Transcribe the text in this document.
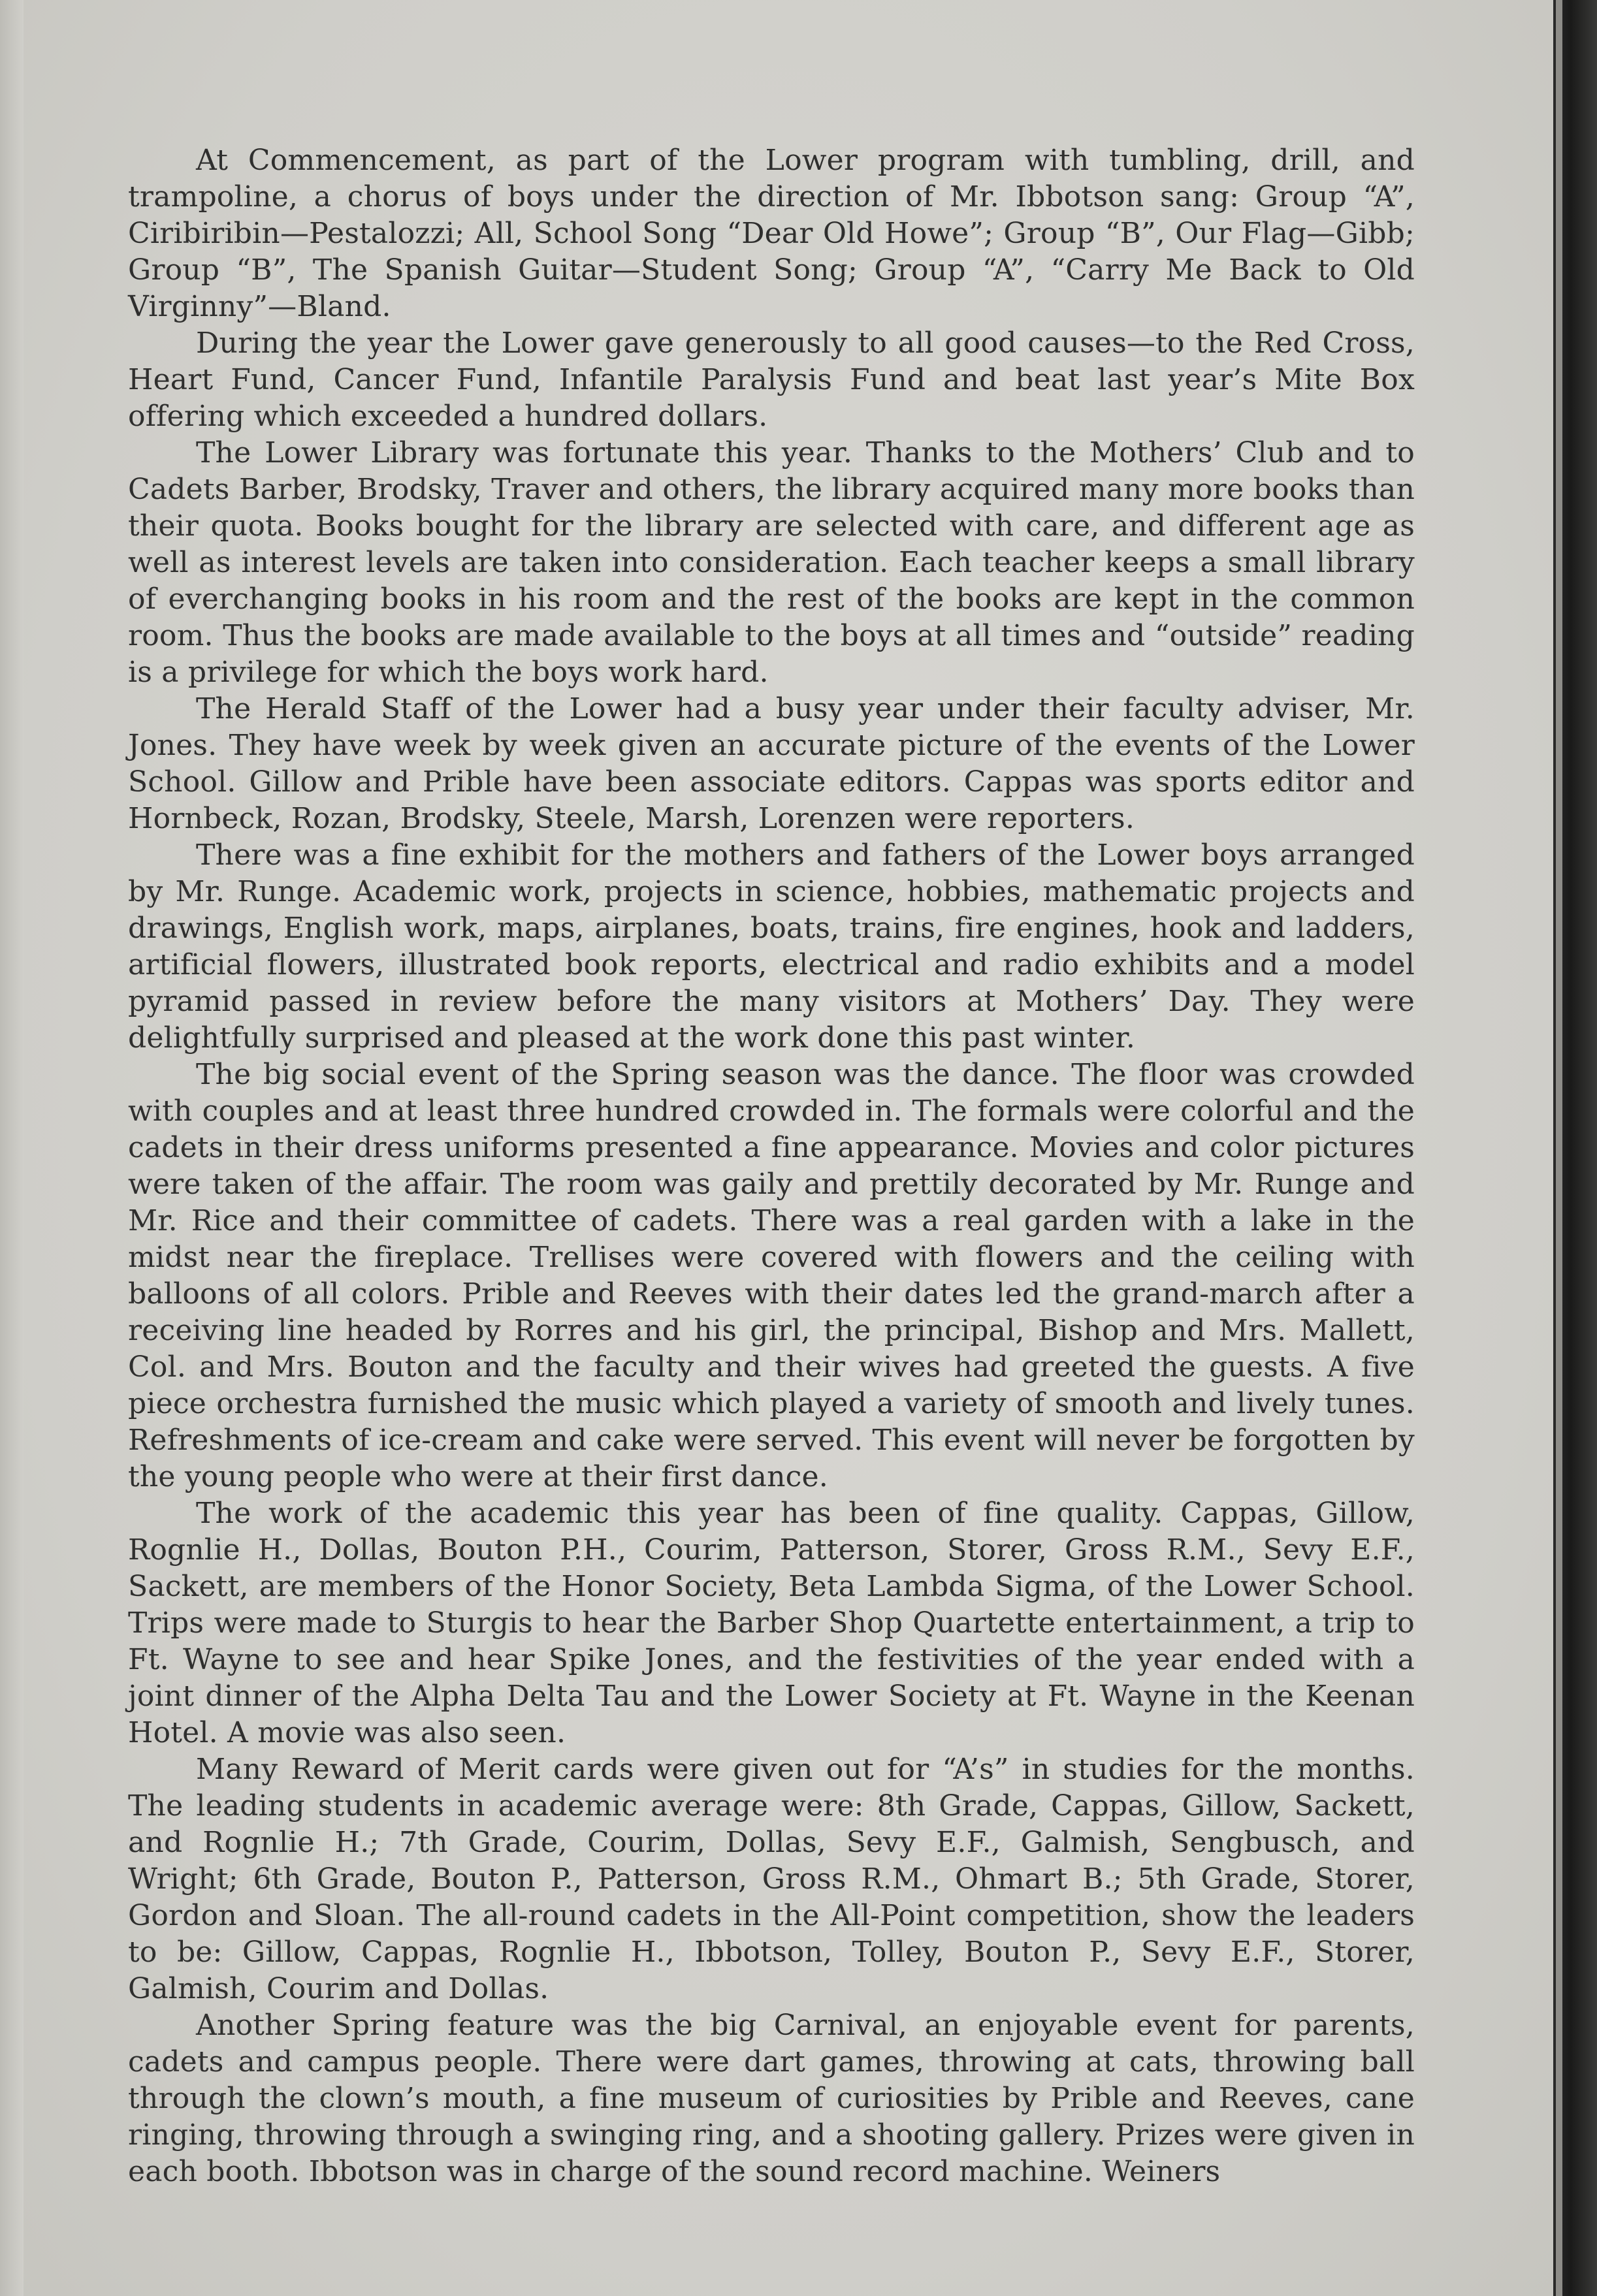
At Commencement, as part of the Lower program with tumbling, drill, and trampoline, a chorus of boys under the direction of Mr. Ibbotson sang: Group “A”, Ciribiribin—Pestalozzi; All, School Song “Dear Old Howe”; Group “B”, Our Flag—Gibb; Group “B”, The Spanish Guitar—Student Song; Group “A”, “Carry Me Back to Old Virginny”—Bland.

During the year the Lower gave generously to all good causes—to the Red Cross, Heart Fund, Cancer Fund, Infantile Paralysis Fund and beat last year’s Mite Box offering which exceeded a hundred dollars.

The Lower Library was fortunate this year. Thanks to the Mothers’ Club and to Cadets Barber, Brodsky, Traver and others, the library acquired many more books than their quota. Books bought for the library are selected with care, and different age as well as interest levels are taken into consideration. Each teacher keeps a small library of everchanging books in his room and the rest of the books are kept in the common room. Thus the books are made available to the boys at all times and “outside” reading is a privilege for which the boys work hard.

The Herald Staff of the Lower had a busy year under their faculty adviser, Mr. Jones. They have week by week given an accurate picture of the events of the Lower School. Gillow and Prible have been associate editors. Cappas was sports editor and Hornbeck, Rozan, Brodsky, Steele, Marsh, Lorenzen were reporters.

There was a fine exhibit for the mothers and fathers of the Lower boys arranged by Mr. Runge. Academic work, projects in science, hobbies, mathematic projects and drawings, English work, maps, airplanes, boats, trains, fire engines, hook and ladders, artificial flowers, illustrated book reports, electrical and radio exhibits and a model pyramid passed in review before the many visitors at Mothers’ Day. They were delightfully surprised and pleased at the work done this past winter.

The big social event of the Spring season was the dance. The floor was crowded with couples and at least three hundred crowded in. The formals were colorful and the cadets in their dress uniforms presented a fine appearance. Movies and color pictures were taken of the affair. The room was gaily and prettily decorated by Mr. Runge and Mr. Rice and their committee of cadets. There was a real garden with a lake in the midst near the fireplace. Trellises were covered with flowers and the ceiling with balloons of all colors. Prible and Reeves with their dates led the grand-march after a receiving line headed by Rorres and his girl, the principal, Bishop and Mrs. Mallett, Col. and Mrs. Bouton and the faculty and their wives had greeted the guests. A five piece orchestra furnished the music which played a variety of smooth and lively tunes. Refreshments of ice-cream and cake were served. This event will never be forgotten by the young people who were at their first dance.

The work of the academic this year has been of fine quality. Cappas, Gillow, Rognlie H., Dollas, Bouton P.H., Courim, Patterson, Storer, Gross R.M., Sevy E.F., Sackett, are members of the Honor Society, Beta Lambda Sigma, of the Lower School. Trips were made to Sturgis to hear the Barber Shop Quartette entertainment, a trip to Ft. Wayne to see and hear Spike Jones, and the festivities of the year ended with a joint dinner of the Alpha Delta Tau and the Lower Society at Ft. Wayne in the Keenan Hotel. A movie was also seen.

Many Reward of Merit cards were given out for “A’s” in studies for the months. The leading students in academic average were: 8th Grade, Cappas, Gillow, Sackett, and Rognlie H.; 7th Grade, Courim, Dollas, Sevy E.F., Galmish, Sengbusch, and Wright; 6th Grade, Bouton P., Patterson, Gross R.M., Ohmart B.; 5th Grade, Storer, Gordon and Sloan. The all-round cadets in the All-Point competition, show the leaders to be: Gillow, Cappas, Rognlie H., Ibbotson, Tolley, Bouton P., Sevy E.F., Storer, Galmish, Courim and Dollas.

Another Spring feature was the big Carnival, an enjoyable event for parents, cadets and campus people. There were dart games, throwing at cats, throwing ball through the clown’s mouth, a fine museum of curiosities by Prible and Reeves, cane ringing, throwing through a swinging ring, and a shooting gallery. Prizes were given in each booth. Ibbotson was in charge of the sound record machine. Weiners
